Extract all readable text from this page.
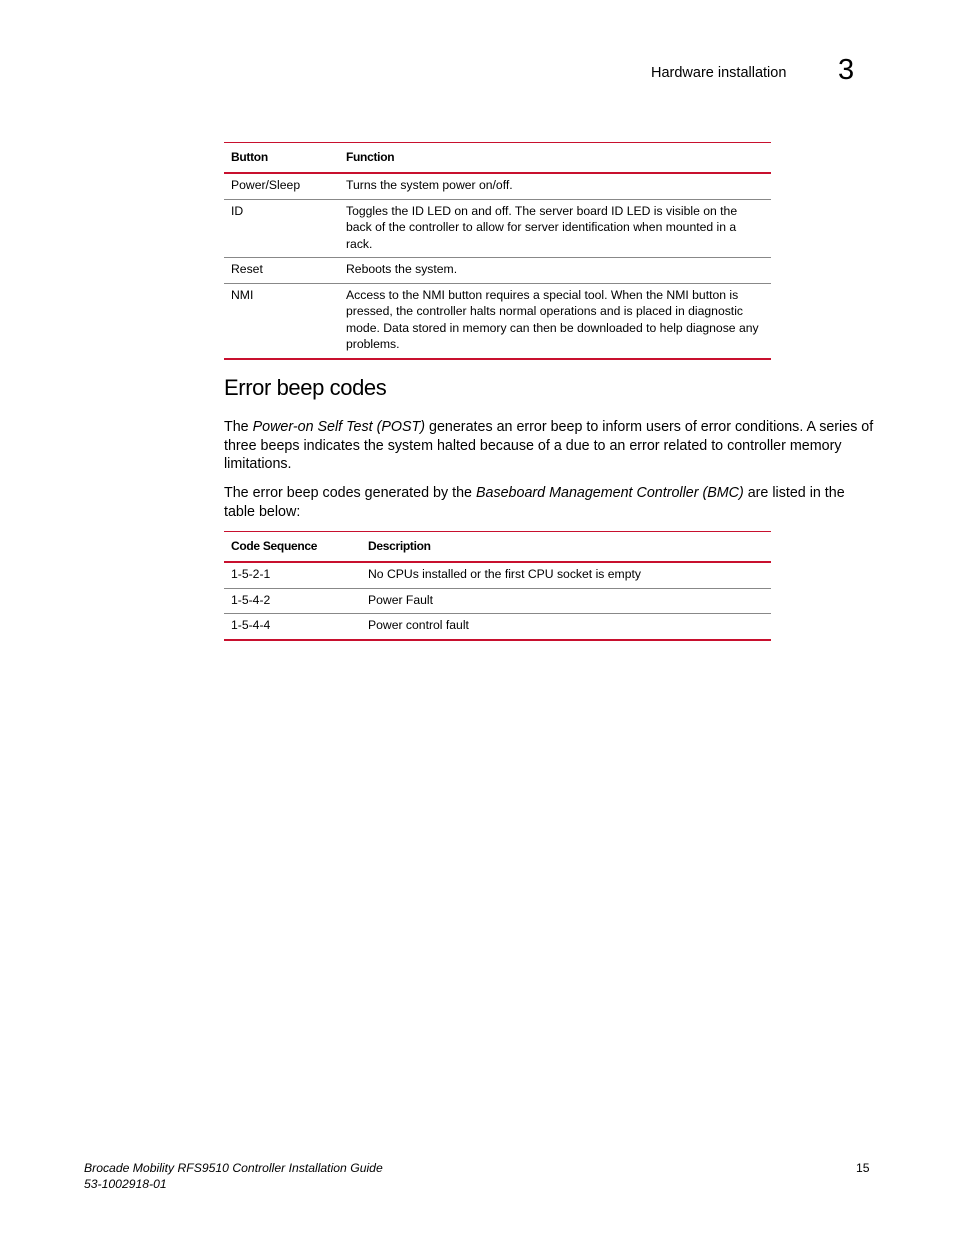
Hardware installation 3
Button	Function
Power/Sleep	Turns the system power on/off.
ID	Toggles the ID LED on and off. The server board ID LED is visible on the back of the controller to allow for server identification when mounted in a rack.
Reset	Reboots the system.
NMI	Access to the NMI button requires a special tool. When the NMI button is pressed, the controller halts normal operations and is placed in diagnostic mode. Data stored in memory can then be downloaded to help diagnose any problems.
Error beep codes

The Power-on Self Test (POST) generates an error beep to inform users of error conditions. A series of three beeps indicates the system halted because of a due to an error related to controller memory limitations.

The error beep codes generated by the Baseboard Management Controller (BMC) are listed in the table below:

Code Sequence	Description
1-5-2-1	No CPUs installed or the first CPU socket is empty
1-5-4-2	Power Fault
1-5-4-4	Power control fault
Brocade Mobility RFS9510 Controller Installation Guide
53-1002918-01
15
